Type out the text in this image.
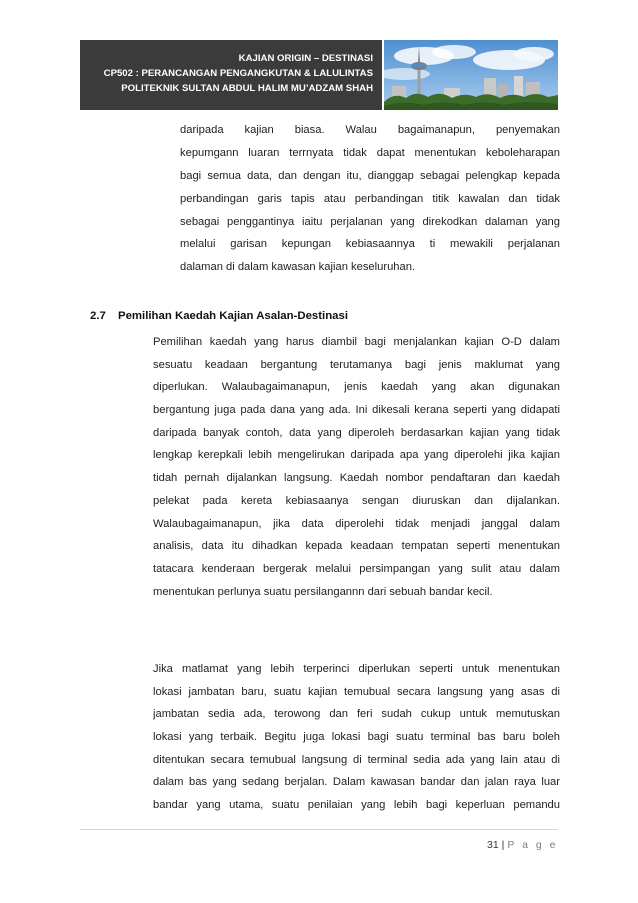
KAJIAN ORIGIN – DESTINASI
CP502 : PERANCANGAN PENGANGKUTAN & LALULINTAS
POLITEKNIK SULTAN ABDUL HALIM MU’ADZAM SHAH
daripada kajian biasa. Walau bagaimanapun, penyemakan
kepumgann luaran terrnyata tidak dapat menentukan keboleharapan
bagi semua data, dan dengan itu, dianggap sebagai pelengkap kepada
perbandingan garis tapis atau perbandingan titik kawalan dan tidak
sebagai penggantinya iaitu perjalanan yang direkodkan dalaman yang
melalui garisan kepungan kebiasaannya ti mewakili perjalanan
dalaman di dalam kawasan kajian keseluruhan.
2.7 Pemilihan Kaedah Kajian Asalan-Destinasi
Pemilihan kaedah yang harus diambil bagi menjalankan kajian O-D dalam
sesuatu keadaan bergantung terutamanya bagi jenis maklumat yang
diperlukan. Walaubagaimanapun, jenis kaedah yang akan digunakan
bergantung juga pada dana yang ada. Ini dikesali kerana seperti yang didapati
daripada banyak contoh, data yang diperoleh berdasarkan kajian yang tidak
lengkap kerepkali lebih mengelirukan daripada apa yang diperolehi jika kajian
tidah pernah dijalankan langsung. Kaedah nombor pendaftaran dan kaedah
pelekat pada kereta kebiasaanya sengan diuruskan dan dijalankan.
Walaubagaimanapun, jika data diperolehi tidak menjadi janggal dalam
analisis, data itu dihadkan kepada keadaan tempatan seperti menentukan
tatacara kenderaan bergerak melalui persimpangan yang sulit atau dalam
menentukan perlunya suatu persilangannn dari sebuah bandar kecil.
Jika matlamat yang lebih terperinci diperlukan seperti untuk menentukan
lokasi jambatan baru, suatu kajian temubual secara langsung yang asas di
jambatan sedia ada, terowong dan feri sudah cukup untuk memutuskan
lokasi yang terbaik. Begitu juga lokasi bagi suatu terminal bas baru boleh
ditentukan secara temubual langsung di terminal sedia ada yang lain atau di
dalam bas yang sedang berjalan. Dalam kawasan bandar dan jalan raya luar
bandar yang utama, suatu penilaian yang lebih bagi keperluan pemandu
31 | P a g e
